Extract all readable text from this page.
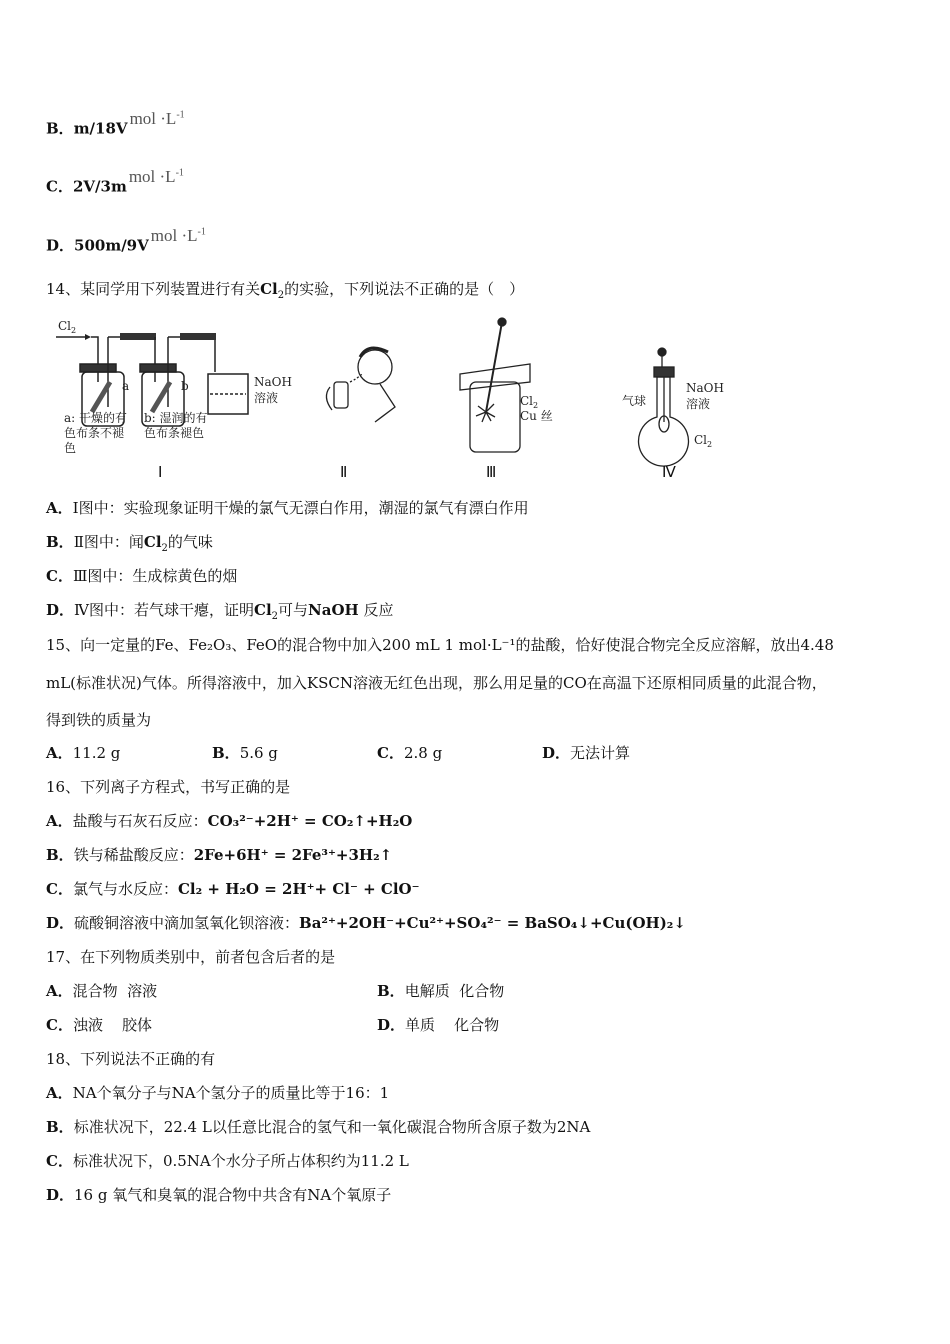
B．m/18Vmol $\cdot L^{-1}$
C．2V/3mmol $\cdot L^{-1}$
D．500m/9Vmol $\cdot L^{-1}$
14、某同学用下列装置进行有关$Cl_2$的实验，下列说法不正确的是（　）
$Cl_2$
a	b	NaOH
溶液
a: 干燥的有
色布条不褪
色
b: 湿润的有
色布条褪色
$Cl_2$
Cu 丝
气球
NaOH
溶液
$Cl_2$
Ⅰ	Ⅱ	Ⅲ	Ⅳ
A．Ⅰ图中：实验现象证明干燥的氯气无漂白作用，潮湿的氯气有漂白作用
B．Ⅱ图中：闻$Cl_2$的气味
C．Ⅲ图中：生成棕黄色的烟
D．Ⅳ图中：若气球干瘪，证明$Cl_2$可与NaOH 反应
15、向一定量的Fe、Fe₂O₃、FeO的混合物中加入200 mL 1 mol·L⁻¹的盐酸，恰好使混合物完全反应溶解，放出4.48
mL(标准状况)气体。所得溶液中，加入KSCN溶液无红色出现，那么用足量的CO在高温下还原相同质量的此混合物，
得到铁的质量为
A．11.2 g	B．5.6 g	C．2.8 g	D．无法计算
16、下列离子方程式，书写正确的是
A．盐酸与石灰石反应：CO₃²⁻+2H⁺ = CO₂↑+H₂O
B．铁与稀盐酸反应：2Fe+6H⁺ = 2Fe³⁺+3H₂↑
C．氯气与水反应：Cl₂ + H₂O = 2H⁺+ Cl⁻ + ClO⁻
D．硫酸铜溶液中滴加氢氧化钡溶液：Ba²⁺+2OH⁻+Cu²⁺+SO₄²⁻ = BaSO₄↓+Cu(OH)₂↓
17、在下列物质类别中，前者包含后者的是
A．混合物  溶液	B．电解质  化合物
C．浊液    胶体	D．单质    化合物
18、下列说法不正确的有
A．NA个氧分子与NA个氢分子的质量比等于16：1
B．标准状况下，22.4 L以任意比混合的氢气和一氧化碳混合物所含原子数为2NA
C．标准状况下，0.5NA个水分子所占体积约为11.2 L
D．16 g 氧气和臭氧的混合物中共含有NA个氧原子
